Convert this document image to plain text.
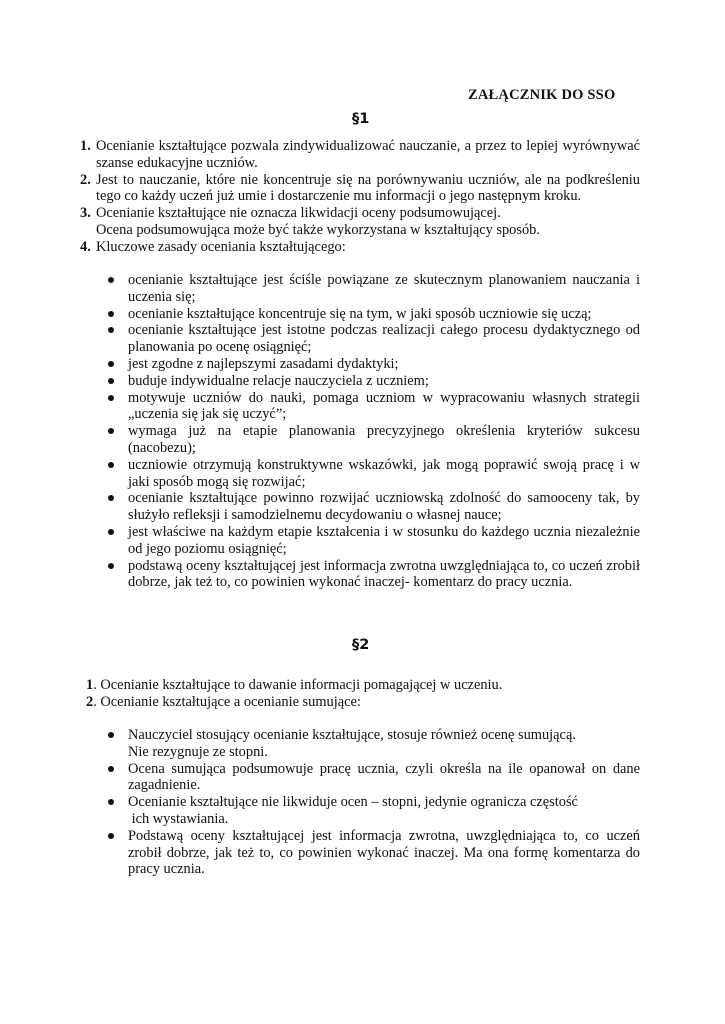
ZAŁĄCZNIK DO SSO
§1
1. Ocenianie kształtujące pozwala zindywidualizować nauczanie, a przez to lepiej wyrównywać szanse edukacyjne uczniów.
2. Jest to nauczanie, które nie koncentruje się na porównywaniu uczniów, ale na podkreśleniu tego co każdy uczeń już umie i dostarczenie mu informacji o jego następnym kroku.
3. Ocenianie kształtujące nie oznacza likwidacji oceny podsumowującej.
Ocena podsumowująca może być także wykorzystana w kształtujący sposób.
4. Kluczowe zasady oceniania kształtującego:
ocenianie kształtujące jest ściśle powiązane ze skutecznym planowaniem nauczania i uczenia się;
ocenianie kształtujące koncentruje się na tym, w jaki sposób uczniowie się uczą;
ocenianie kształtujące jest istotne podczas realizacji całego procesu dydaktycznego od planowania po ocenę osiągnięć;
jest zgodne z najlepszymi zasadami dydaktyki;
buduje indywidualne relacje nauczyciela z uczniem;
motywuje uczniów do nauki, pomaga uczniom w wypracowaniu własnych strategii „uczenia się jak się uczyć”;
wymaga już na etapie planowania precyzyjnego określenia kryteriów sukcesu (nacobezu);
uczniowie otrzymują konstruktywne wskazówki, jak mogą poprawić swoją pracę i w jaki sposób mogą się rozwijać;
ocenianie kształtujące powinno rozwijać uczniowską zdolność do samooceny tak, by służyło refleksji i samodzielnemu decydowaniu o własnej nauce;
jest właściwe na każdym etapie kształcenia i w stosunku do każdego ucznia niezależnie od jego poziomu osiągnięć;
podstawą oceny kształtującej jest informacja zwrotna uwzględniająca to, co uczeń zrobił dobrze, jak też to, co powinien wykonać inaczej- komentarz do pracy ucznia.
§2
1. Ocenianie kształtujące to dawanie informacji pomagającej w uczeniu.
2. Ocenianie kształtujące a ocenianie sumujące:
Nauczyciel stosujący ocenianie kształtujące, stosuje również ocenę sumującą.
Nie rezygnuje ze stopni.
Ocena sumująca podsumowuje pracę ucznia, czyli określa na ile opanował on dane zagadnienie.
Ocenianie kształtujące nie likwiduje ocen – stopni, jedynie ogranicza częstość
ich wystawiania.
Podstawą oceny kształtującej jest informacja zwrotna, uwzględniająca to, co uczeń zrobił dobrze, jak też to, co powinien wykonać inaczej. Ma ona formę komentarza do pracy ucznia.
